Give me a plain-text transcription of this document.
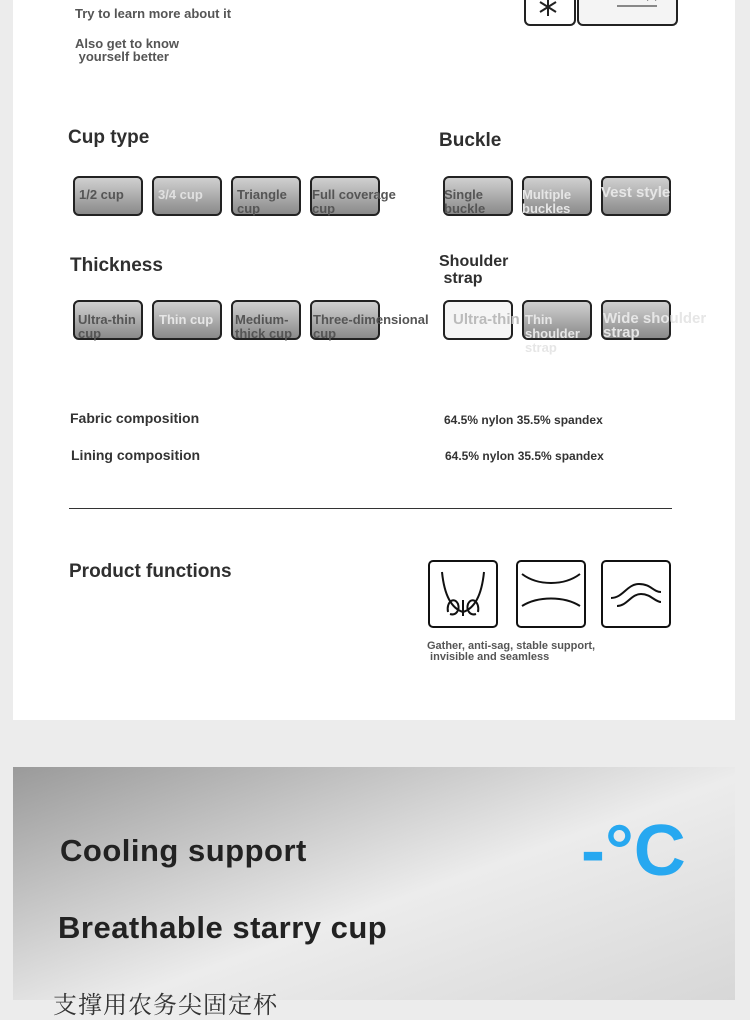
Try to learn more about it
Also get to know
yourself better
Cup type
1/2 cup	3/4 cup	Triangle cup
Full coverage cup
Buckle
Single buckle
Multiple buckles
Vest style
Thickness
Ultra-thin cup
Thin cup Medium-thick cup
Three-dimensional cup
Shoulder
strap
Ultra-thin Thin shoulder strap
Wide shoulder strap
Fabric composition	64.5% nylon 35.5% spandex
Lining composition	64.5% nylon 35.5% spandex
Product functions
Gather, anti-sag, stable support,
invisible and seamless
Cooling support
Breathable starry cup
支撑用农务尖固定杯
-°C
